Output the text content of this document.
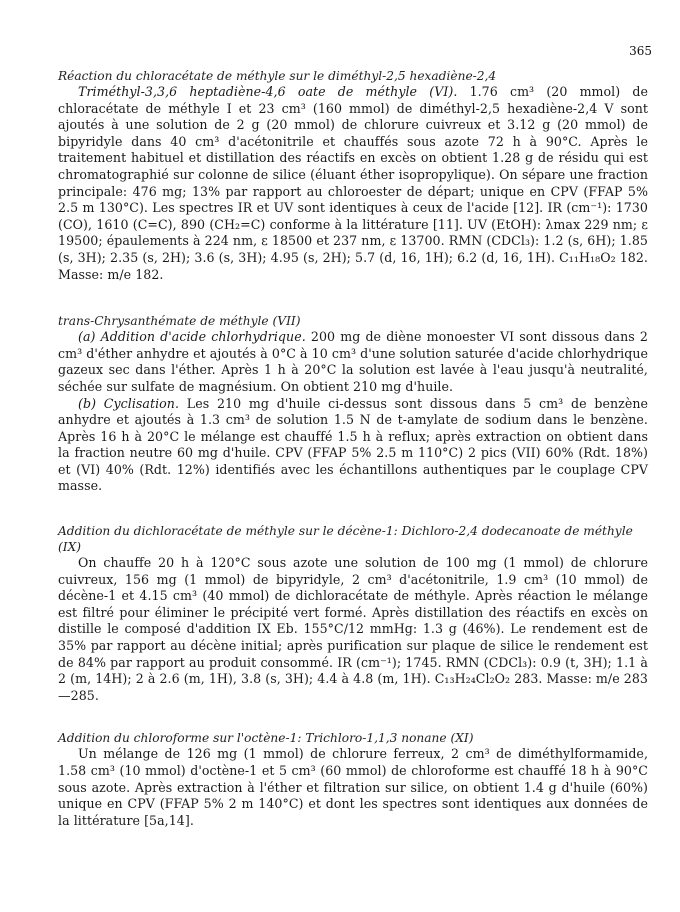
365

Réaction du chloracétate de méthyle sur le diméthyl-2,5 hexadiène-2,4

Triméthyl-3,3,6 heptadiène-4,6 oate de méthyle (VI). 1.76 cm³ (20 mmol) de chloracétate de méthyle I et 23 cm³ (160 mmol) de diméthyl-2,5 hexadiène-2,4 V sont ajoutés à une solution de 2 g (20 mmol) de chlorure cuivreux et 3.12 g (20 mmol) de bipyridyle dans 40 cm³ d'acétonitrile et chauffés sous azote 72 h à 90°C. Après le traitement habituel et distillation des réactifs en excès on obtient 1.28 g de résidu qui est chromatographié sur colonne de silice (éluant éther isopropylique). On sépare une fraction principale: 476 mg; 13% par rapport au chloroester de départ; unique en CPV (FFAP 5% 2.5 m 130°C). Les spectres IR et UV sont identiques à ceux de l'acide [12]. IR (cm⁻¹): 1730 (CO), 1610 (C=C), 890 (CH₂=C) conforme à la littérature [11]. UV (EtOH): λmax 229 nm; ε 19500; épaulements à 224 nm, ε 18500 et 237 nm, ε 13700. RMN (CDCl₃): 1.2 (s, 6H); 1.85 (s, 3H); 2.35 (s, 2H); 3.6 (s, 3H); 4.95 (s, 2H); 5.7 (d, 16, 1H); 6.2 (d, 16, 1H). C₁₁H₁₈O₂ 182. Masse: m/e 182.

trans-Chrysanthémate de méthyle (VII)

(a) Addition d'acide chlorhydrique. 200 mg de diène monoester VI sont dissous dans 2 cm³ d'éther anhydre et ajoutés à 0°C à 10 cm³ d'une solution saturée d'acide chlorhydrique gazeux sec dans l'éther. Après 1 h à 20°C la solution est lavée à l'eau jusqu'à neutralité, séchée sur sulfate de magnésium. On obtient 210 mg d'huile.

(b) Cyclisation. Les 210 mg d'huile ci-dessus sont dissous dans 5 cm³ de benzène anhydre et ajoutés à 1.3 cm³ de solution 1.5 N de t-amylate de sodium dans le benzène. Après 16 h à 20°C le mélange est chauffé 1.5 h à reflux; après extraction on obtient dans la fraction neutre 60 mg d'huile. CPV (FFAP 5% 2.5 m 110°C) 2 pics (VII) 60% (Rdt. 18%) et (VI) 40% (Rdt. 12%) identifiés avec les échantillons authentiques par le couplage CPV masse.

Addition du dichloracétate de méthyle sur le décène-1: Dichloro-2,4 dodecanoate de méthyle (IX)

On chauffe 20 h à 120°C sous azote une solution de 100 mg (1 mmol) de chlorure cuivreux, 156 mg (1 mmol) de bipyridyle, 2 cm³ d'acétonitrile, 1.9 cm³ (10 mmol) de décène-1 et 4.15 cm³ (40 mmol) de dichloracétate de méthyle. Après réaction le mélange est filtré pour éliminer le précipité vert formé. Après distillation des réactifs en excès on distille le composé d'addition IX Eb. 155°C/12 mmHg: 1.3 g (46%). Le rendement est de 35% par rapport au décène initial; après purification sur plaque de silice le rendement est de 84% par rapport au produit consommé. IR (cm⁻¹); 1745. RMN (CDCl₃): 0.9 (t, 3H); 1.1 à 2 (m, 14H); 2 à 2.6 (m, 1H), 3.8 (s, 3H); 4.4 à 4.8 (m, 1H). C₁₃H₂₄Cl₂O₂ 283. Masse: m/e 283—285.

Addition du chloroforme sur l'octène-1: Trichloro-1,1,3 nonane (XI)

Un mélange de 126 mg (1 mmol) de chlorure ferreux, 2 cm³ de diméthylformamide, 1.58 cm³ (10 mmol) d'octène-1 et 5 cm³ (60 mmol) de chloroforme est chauffé 18 h à 90°C sous azote. Après extraction à l'éther et filtration sur silice, on obtient 1.4 g d'huile (60%) unique en CPV (FFAP 5% 2 m 140°C) et dont les spectres sont identiques aux données de la littérature [5a,14].
